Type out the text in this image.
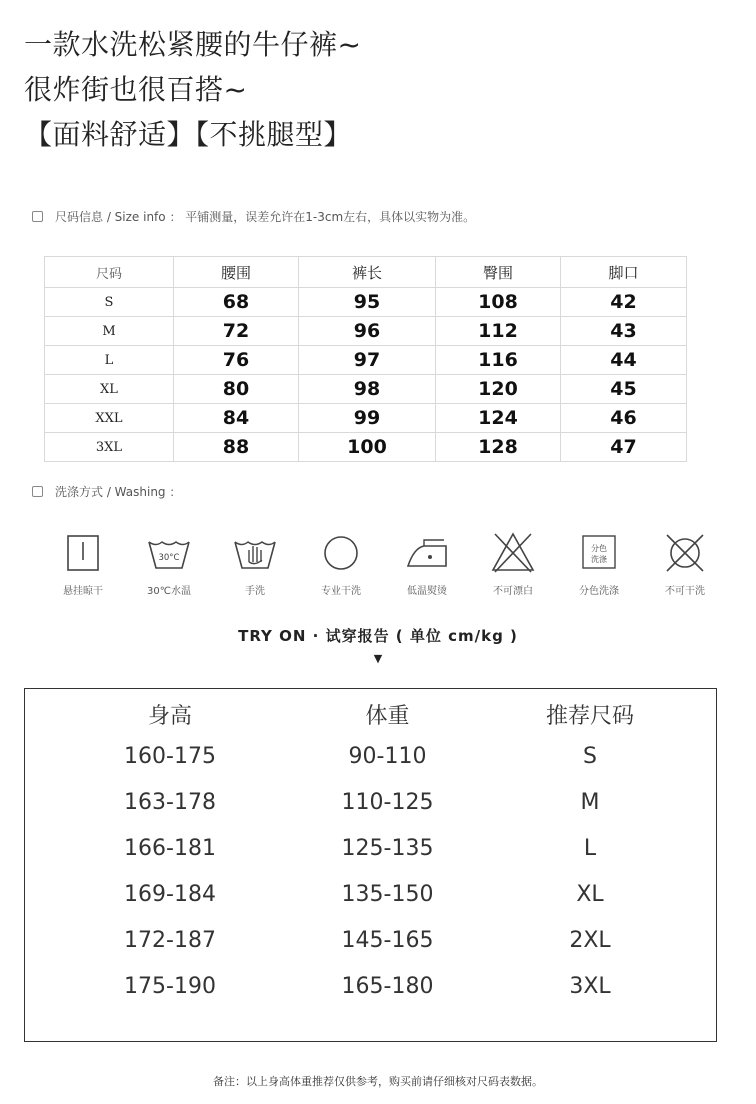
一款水洗松紧腰的牛仔裤~
很炸街也很百搭~
【面料舒适】【不挑腿型】
尺码信息 / Size info ： 平铺测量，误差允许在1-3cm左右，具体以实物为准。
尺码	腰围	裤长	臀围	脚口
S	68	95	108	42
M	72	96	112	43
L	76	97	116	44
XL	80	98	120	45
XXL	84	99	124	46
3XL	88	100	128	47
洗涤方式 / Washing ：
悬挂晾干
30°C
30℃水温	手洗	专业干洗	低温熨烫	不可漂白
分色
洗涤
分色洗涤	不可干洗
TRY ON · 试穿报告 ( 单位 cm/kg )
▼
身高	体重	推荐尺码
160-175	90-110	S
163-178	110-125	M
166-181	125-135	L
169-184	135-150	XL
172-187	145-165	2XL
175-190	165-180	3XL
备注：以上身高体重推荐仅供参考，购买前请仔细核对尺码表数据。
